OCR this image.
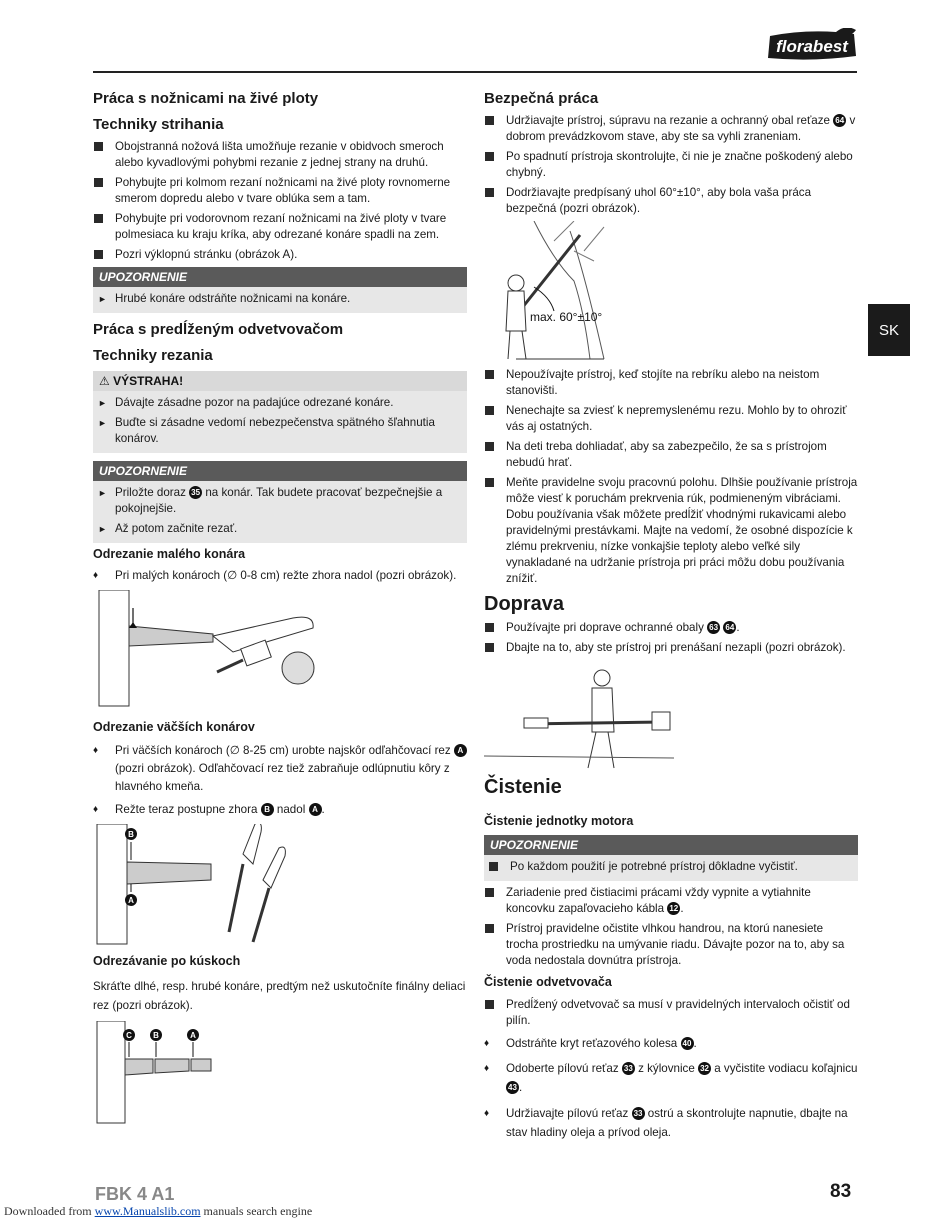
florabest
SK
Práca s nožnicami na živé ploty
Techniky strihania
Obojstranná nožová lišta umožňuje rezanie v obidvoch smeroch alebo kyvadlovými pohybmi rezanie z jednej strany na druhú.
Pohybujte pri kolmom rezaní nožnicami na živé ploty rovnomerne smerom dopredu alebo v tvare oblúka sem a tam.
Pohybujte pri vodorovnom rezaní nožnicami na živé ploty v tvare polmesiaca ku kraju kríka, aby odrezané konáre spadli na zem.
Pozri výklopnú stránku (obrázok A).
UPOZORNENIE
► Hrubé konáre odstráňte nožnicami na konáre.
Práca s predĺženým odvetvovačom
Techniky rezania
⚠ VÝSTRAHA!
► Dávajte zásadne pozor na padajúce odrezané konáre.
► Buďte si zásadne vedomí nebezpečenstva spätného šľahnutia konárov.
UPOZORNENIE
► Priložte doraz 35 na konár. Tak budete pracovať bezpečnejšie a pokojnejšie.
► Až potom začnite rezať.
Odrezanie malého konára
♦ Pri malých konároch (∅ 0-8 cm) režte zhora nadol (pozri obrázok).
Odrezanie väčších konárov
♦ Pri väčších konároch (∅ 8-25 cm) urobte najskôr odľahčovací rez A (pozri obrázok). Odľahčovací rez tiež zabraňuje odlúpnutiu kôry z hlavného kmeňa.
♦ Režte teraz postupne zhora B nadol A .
B
A
Odrezávanie po kúskoch

Skráťte dlhé, resp. hrubé konáre, predtým než uskutočníte finálny deliaci rez (pozri obrázok).

C	B	A
Bezpečná práca
Udržiavajte prístroj, súpravu na rezanie a ochranný obal reťaze 64 v dobrom prevádzkovom stave, aby ste sa vyhli zraneniam.
Po spadnutí prístroja skontrolujte, či nie je značne poškodený alebo chybný.
Dodržiavajte predpísaný uhol 60°±10°, aby bola vaša práca bezpečná (pozri obrázok).
max. 60°±10°
Nepoužívajte prístroj, keď stojíte na rebríku alebo na neistom stanovišti.
Nenechajte sa zviesť k nepremyslenému rezu. Mohlo by to ohroziť vás aj ostatných.
Na deti treba dohliadať, aby sa zabezpečilo, že sa s prístrojom nebudú hrať.
Meňte pravidelne svoju pracovnú polohu. Dlhšie používanie prístroja môže viesť k poruchám prekrvenia rúk, podmieneným vibráciami. Dobu používania však môžete predĺžiť vhodnými rukavicami alebo pravidelnými prestávkami. Majte na vedomí, že osobné dispozície k zlému prekrveniu, nízke vonkajšie teploty alebo veľké sily vynakladané na udržanie prístroja pri práci môžu dobu používania znížiť.
Doprava
Používajte pri doprave ochranné obaly 63 64 .
Dbajte na to, aby ste prístroj pri prenášaní nezapli (pozri obrázok).
Čistenie
Čistenie jednotky motora
UPOZORNENIE
Po každom použití je potrebné prístroj dôkladne vyčistiť.
Zariadenie pred čistiacimi prácami vždy vypnite a vytiahnite koncovku zapaľovacieho kábla 12 .
Prístroj pravidelne očistite vlhkou handrou, na ktorú nanesiete trocha prostriedku na umývanie riadu. Dávajte pozor na to, aby sa voda nedostala dovnútra prístroja.
Čistenie odvetvovača
Predĺžený odvetvovač sa musí v pravidelných intervaloch očistiť od pilín.
♦ Odstráňte kryt reťazového kolesa 40 .
♦ Odoberte pílovú reťaz 33 z kýlovnice 32 a vyčistite vodiacu koľajnicu 43 .
♦ Udržiavajte pílovú reťaz 33 ostrú a skontrolujte napnutie, dbajte na stav hladiny oleja a prívod oleja.
FBK 4 A1	83
Downloaded from www.Manualslib.com manuals search engine
